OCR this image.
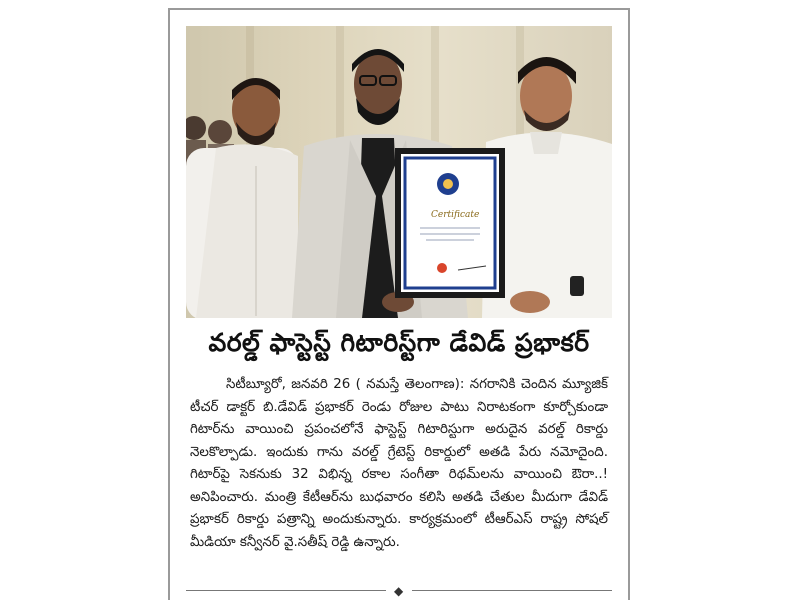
Certificate
వరల్డ్ ఫాస్టెస్ట్ గిటారిస్ట్‌గా డేవిడ్ ప్రభాకర్

సిటీబ్యూరో, జనవరి 26 ( నమస్తే తెలంగాణ): నగరానికి చెందిన మ్యూజిక్ టీచర్ డాక్టర్ బి.డేవిడ్ ప్రభాకర్ రెండు రోజుల పాటు నిరాటకంగా కూర్చోకుండా గిటార్‌ను వాయించి ప్రపంచలోనే ఫాస్టెస్ట్ గిటారిస్టుగా అరుదైన వరల్డ్ రికార్డు నెలకొల్పాడు. ఇందుకు గాను వరల్డ్ గ్రేటెస్ట్ రికార్డులో అతడి పేరు నమోదైంది. గిటార్‌పై సెకనుకు 32 విభిన్న రకాల సంగీతా రిథమ్‌లను వాయించి ఔరా..! అనిపించారు. మంత్రి కేటీఆర్‌ను బుధవారం కలిసి అతడి చేతుల మీదుగా డేవిడ్ ప్రభాకర్ రికార్డు పత్రాన్ని అందుకున్నారు. కార్యక్రమంలో టీఆర్ఎస్ రాష్ట్ర సోషల్ మీడియా కన్వీనర్ వై.సతీష్ రెడ్డి ఉన్నారు.

◆
